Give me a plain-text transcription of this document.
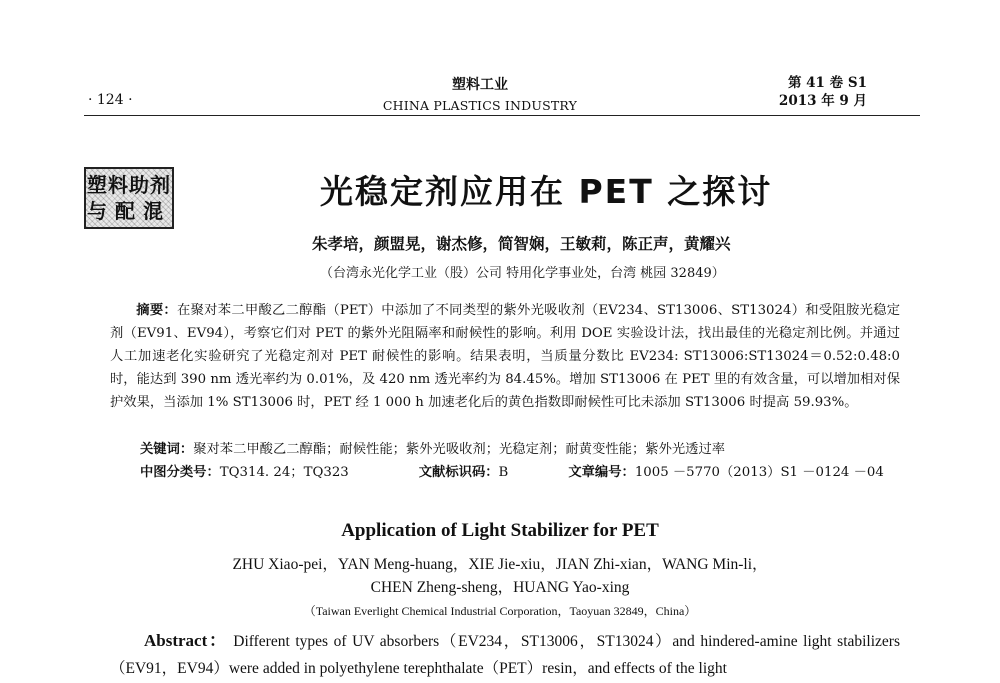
· 124 ·
塑料工业
CHINA PLASTICS INDUSTRY
第 41 卷 S1
2013 年 9 月
塑料助剂
与配混	光稳定剂应用在 PET 之探讨
朱孝培，颜盟晃，谢杰修，简智娴，王敏莉，陈正声，黄耀兴
（台湾永光化学工业（股）公司 特用化学事业处，台湾 桃园 32849）
摘要：在聚对苯二甲酸乙二醇酯（PET）中添加了不同类型的紫外光吸收剂（EV234、ST13006、ST13024）和受阻胺光稳定剂（EV91、EV94），考察它们对 PET 的紫外光阻隔率和耐候性的影响。利用 DOE 实验设计法，找出最佳的光稳定剂比例。并通过人工加速老化实验研究了光稳定剂对 PET 耐候性的影响。结果表明，当质量分数比 EV234: ST13006:ST13024＝0.52:0.48:0 时，能达到 390 nm 透光率约为 0.01%，及 420 nm 透光率约为 84.45%。增加 ST13006 在 PET 里的有效含量，可以增加相对保护效果，当添加 1% ST13006 时，PET 经 1 000 h 加速老化后的黄色指数即耐候性可比未添加 ST13006 时提高 59.93%。
关键词：聚对苯二甲酸乙二醇酯；耐候性能；紫外光吸收剂；光稳定剂；耐黄变性能；紫外光透过率
中图分类号：TQ314. 24；TQ323	文献标识码：B	文章编号：1005 －5770（2013）S1 －0124 －04
Application of Light Stabilizer for PET
ZHU Xiao-pei，YAN Meng-huang，XIE Jie-xiu，JIAN Zhi-xian，WANG Min-li，
CHEN Zheng-sheng，HUANG Yao-xing
（Taiwan Everlight Chemical Industrial Corporation，Taoyuan 32849，China）
Abstract： Different types of UV absorbers（EV234，ST13006，ST13024）and hindered-amine light stabilizers（EV91，EV94）were added in polyethylene terephthalate（PET）resin，and effects of the light
